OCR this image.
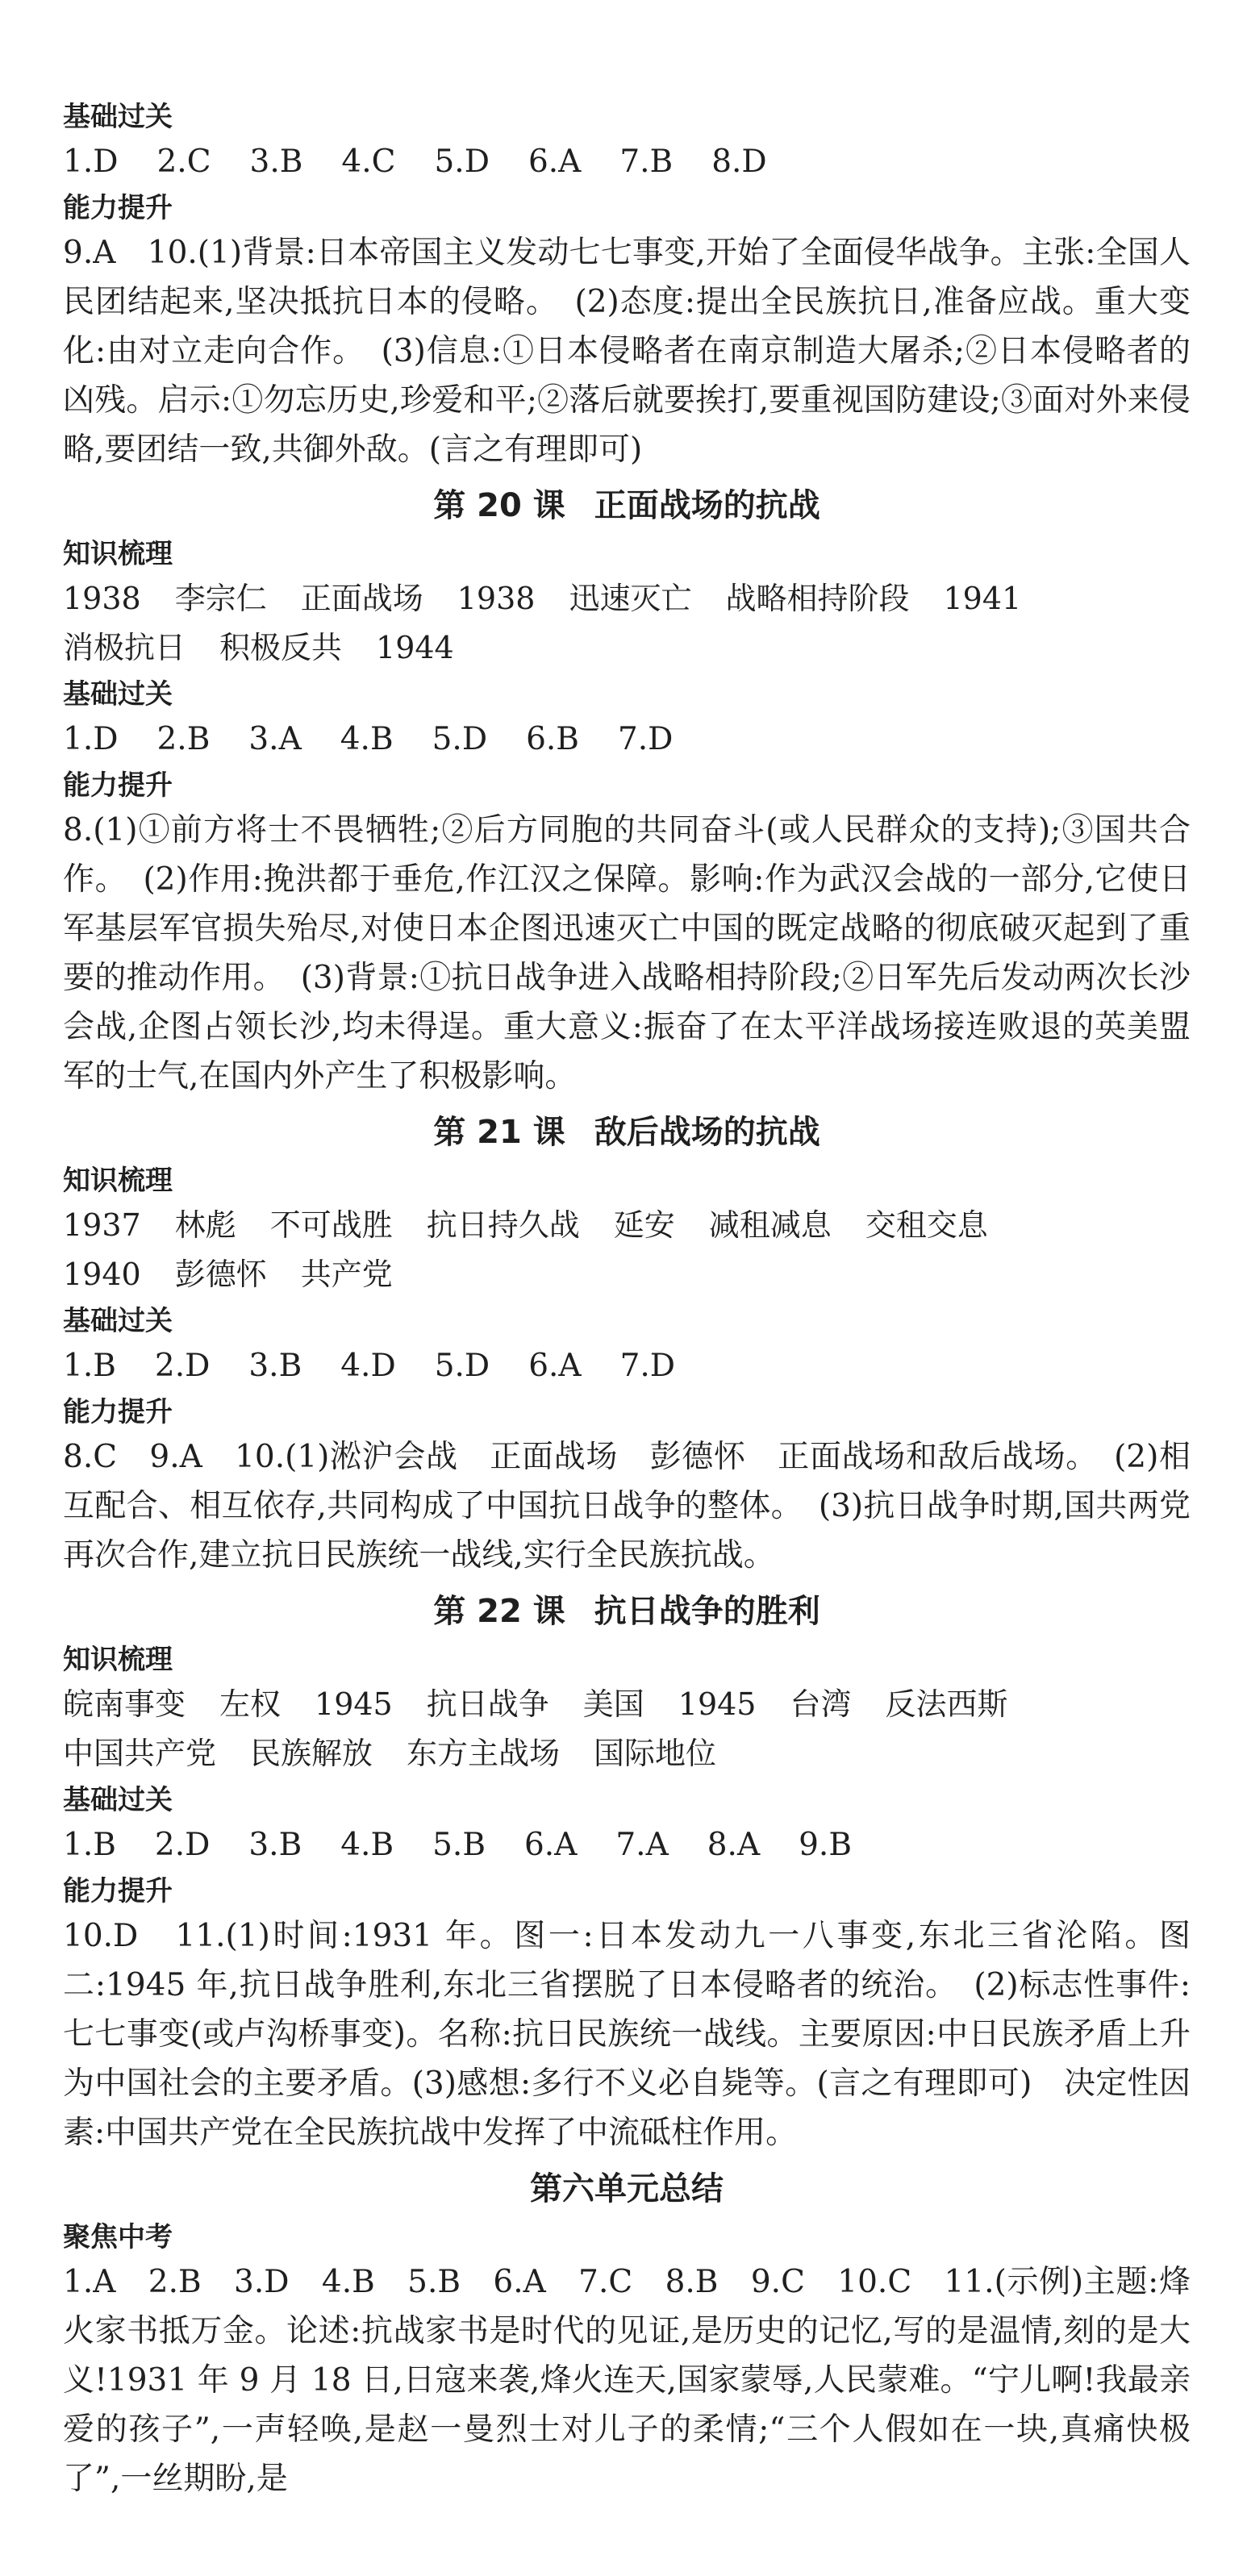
基础过关

1.D 2.C 3.B 4.C 5.D 6.A 7.B 8.D

能力提升

9.A　10.(1)背景:日本帝国主义发动七七事变,开始了全面侵华战争。主张:全国人民团结起来,坚决抵抗日本的侵略。　(2)态度:提出全民族抗日,准备应战。重大变化:由对立走向合作。　(3)信息:①日本侵略者在南京制造大屠杀;②日本侵略者的凶残。启示:①勿忘历史,珍爱和平;②落后就要挨打,要重视国防建设;③面对外来侵略,要团结一致,共御外敌。(言之有理即可)

第 20 课 正面战场的抗战
知识梳理

1938 李宗仁 正面战场 1938 迅速灭亡 战略相持阶段 1941

消极抗日 积极反共 1944

基础过关

1.D 2.B 3.A 4.B 5.D 6.B 7.D

能力提升

8.(1)①前方将士不畏牺牲;②后方同胞的共同奋斗(或人民群众的支持);③国共合作。　(2)作用:挽洪都于垂危,作江汉之保障。影响:作为武汉会战的一部分,它使日军基层军官损失殆尽,对使日本企图迅速灭亡中国的既定战略的彻底破灭起到了重要的推动作用。　(3)背景:①抗日战争进入战略相持阶段;②日军先后发动两次长沙会战,企图占领长沙,均未得逞。重大意义:振奋了在太平洋战场接连败退的英美盟军的士气,在国内外产生了积极影响。

第 21 课 敌后战场的抗战
知识梳理

1937 林彪 不可战胜 抗日持久战 延安 减租减息 交租交息

1940 彭德怀 共产党

基础过关

1.B 2.D 3.B 4.D 5.D 6.A 7.D

能力提升

8.C　9.A　10.(1)淞沪会战　正面战场　彭德怀　正面战场和敌后战场。　(2)相互配合、相互依存,共同构成了中国抗日战争的整体。　(3)抗日战争时期,国共两党再次合作,建立抗日民族统一战线,实行全民族抗战。

第 22 课 抗日战争的胜利
知识梳理

皖南事变 左权 1945 抗日战争 美国 1945 台湾 反法西斯

中国共产党 民族解放 东方主战场 国际地位

基础过关

1.B 2.D 3.B 4.B 5.B 6.A 7.A 8.A 9.B

能力提升

10.D　11.(1)时间:1931 年。图一:日本发动九一八事变,东北三省沦陷。图二:1945 年,抗日战争胜利,东北三省摆脱了日本侵略者的统治。　(2)标志性事件:七七事变(或卢沟桥事变)。名称:抗日民族统一战线。主要原因:中日民族矛盾上升为中国社会的主要矛盾。(3)感想:多行不义必自毙等。(言之有理即可)　决定性因素:中国共产党在全民族抗战中发挥了中流砥柱作用。

第六单元总结
聚焦中考

1.A　2.B　3.D　4.B　5.B　6.A　7.C　8.B　9.C　10.C　11.(示例)主题:烽火家书抵万金。论述:抗战家书是时代的见证,是历史的记忆,写的是温情,刻的是大义!1931 年 9 月 18 日,日寇来袭,烽火连天,国家蒙辱,人民蒙难。“宁儿啊!我最亲爱的孩子”,一声轻唤,是赵一曼烈士对儿子的柔情;“三个人假如在一块,真痛快极了”,一丝期盼,是
